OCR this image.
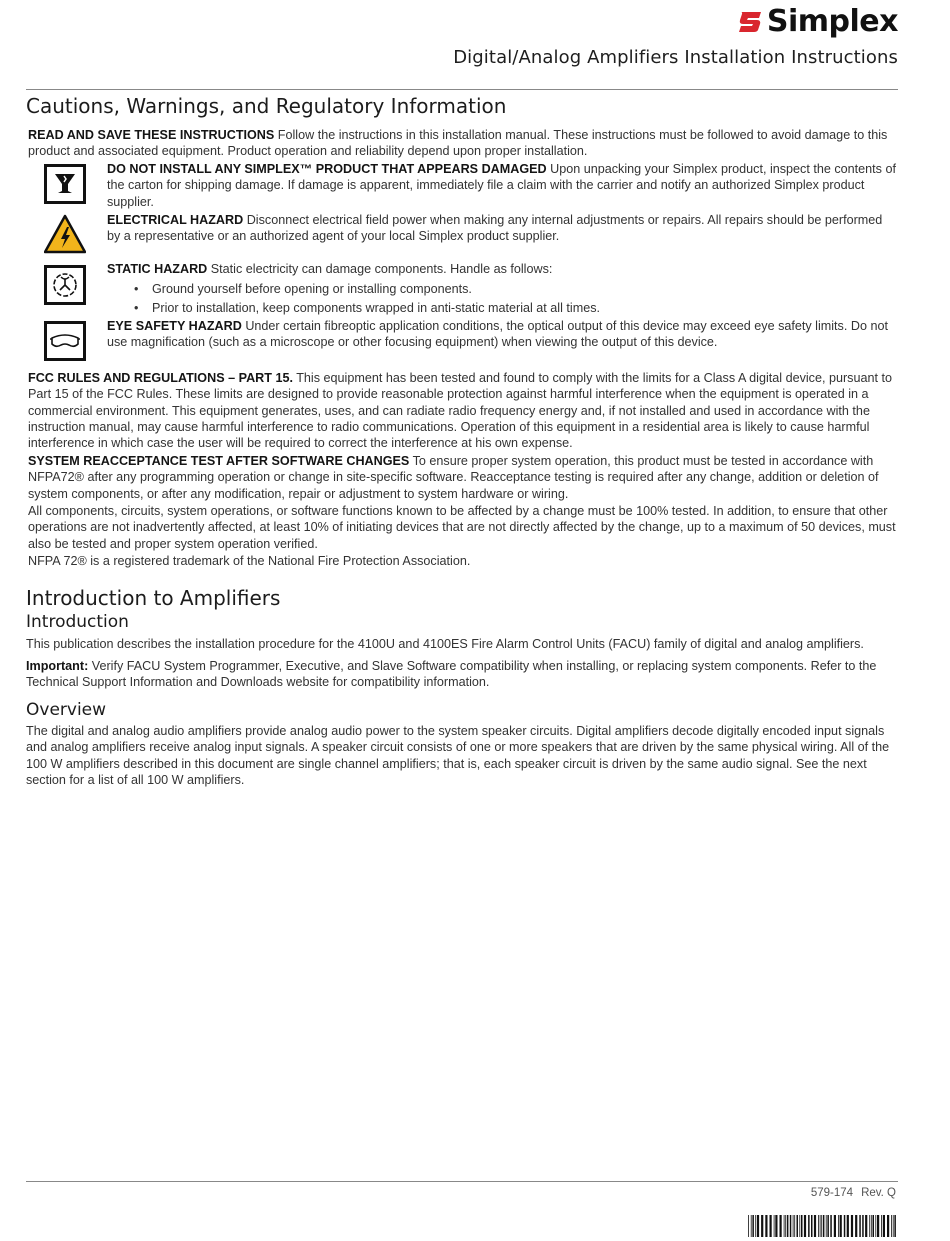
Simplex
Digital/Analog Amplifiers Installation Instructions
Cautions, Warnings, and Regulatory Information

READ AND SAVE THESE INSTRUCTIONS Follow the instructions in this installation manual. These instructions must be followed to avoid damage to this product and associated equipment. Product operation and reliability depend upon proper installation.

DO NOT INSTALL ANY SIMPLEX™ PRODUCT THAT APPEARS DAMAGED Upon unpacking your Simplex product, inspect the contents of the carton for shipping damage. If damage is apparent, immediately file a claim with the carrier and notify an authorized Simplex product supplier.

ELECTRICAL HAZARD Disconnect electrical field power when making any internal adjustments or repairs. All repairs should be performed by a representative or an authorized agent of your local Simplex product supplier.

STATIC HAZARD Static electricity can damage components. Handle as follows:

• Ground yourself before opening or installing components.
• Prior to installation, keep components wrapped in anti-static material at all times.

EYE SAFETY HAZARD Under certain fibreoptic application conditions, the optical output of this device may exceed eye safety limits. Do not use magnification (such as a microscope or other focusing equipment) when viewing the output of this device.

FCC RULES AND REGULATIONS – PART 15. This equipment has been tested and found to comply with the limits for a Class A digital device, pursuant to Part 15 of the FCC Rules. These limits are designed to provide reasonable protection against harmful interference when the equipment is operated in a commercial environment. This equipment generates, uses, and can radiate radio frequency energy and, if not installed and used in accordance with the instruction manual, may cause harmful interference to radio communications. Operation of this equipment in a residential area is likely to cause harmful interference in which case the user will be required to correct the interference at his own expense.

SYSTEM REACCEPTANCE TEST AFTER SOFTWARE CHANGES To ensure proper system operation, this product must be tested in accordance with NFPA72® after any programming operation or change in site-specific software. Reacceptance testing is required after any change, addition or deletion of system components, or after any modification, repair or adjustment to system hardware or wiring.

All components, circuits, system operations, or software functions known to be affected by a change must be 100% tested. In addition, to ensure that other operations are not inadvertently affected, at least 10% of initiating devices that are not directly affected by the change, up to a maximum of 50 devices, must also be tested and proper system operation verified.

NFPA 72® is a registered trademark of the National Fire Protection Association.

Introduction to Amplifiers
Introduction

This publication describes the installation procedure for the 4100U and 4100ES Fire Alarm Control Units (FACU) family of digital and analog amplifiers.

Important: Verify FACU System Programmer, Executive, and Slave Software compatibility when installing, or replacing system components. Refer to the Technical Support Information and Downloads website for compatibility information.

Overview

The digital and analog audio amplifiers provide analog audio power to the system speaker circuits. Digital amplifiers decode digitally encoded input signals and analog amplifiers receive analog input signals. A speaker circuit consists of one or more speakers that are driven by the same physical wiring. All of the 100 W amplifiers described in this document are single channel amplifiers; that is, each speaker circuit is driven by the same audio signal. See the next section for a list of all 100 W amplifiers.

579-174 Rev. Q
